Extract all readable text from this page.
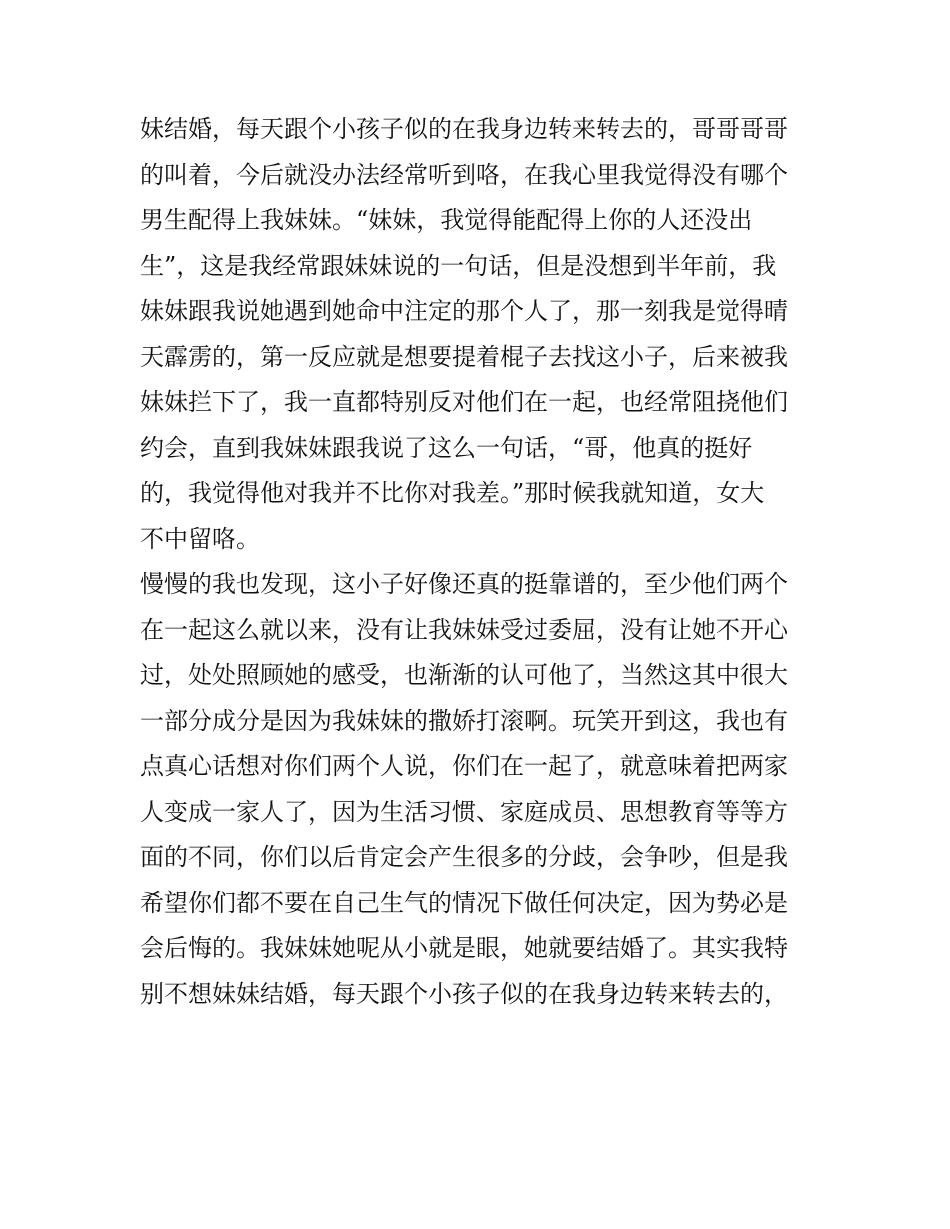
妹结婚，每天跟个小孩子似的在我身边转来转去的，哥哥哥哥
的叫着，今后就没办法经常听到咯，在我心里我觉得没有哪个
男生配得上我妹妹。“妹妹，我觉得能配得上你的人还没出
生”，这是我经常跟妹妹说的一句话，但是没想到半年前，我
妹妹跟我说她遇到她命中注定的那个人了，那一刻我是觉得晴
天霹雳的，第一反应就是想要提着棍子去找这小子，后来被我
妹妹拦下了，我一直都特别反对他们在一起，也经常阻挠他们
约会，直到我妹妹跟我说了这么一句话，“哥，他真的挺好
的，我觉得他对我并不比你对我差。”那时候我就知道，女大
不中留咯。
慢慢的我也发现，这小子好像还真的挺靠谱的，至少他们两个
在一起这么就以来，没有让我妹妹受过委屈，没有让她不开心
过，处处照顾她的感受，也渐渐的认可他了，当然这其中很大
一部分成分是因为我妹妹的撒娇打滚啊。玩笑开到这，我也有
点真心话想对你们两个人说，你们在一起了，就意味着把两家
人变成一家人了，因为生活习惯、家庭成员、思想教育等等方
面的不同，你们以后肯定会产生很多的分歧，会争吵，但是我
希望你们都不要在自己生气的情况下做任何决定，因为势必是
会后悔的。我妹妹她呢从小就是眼，她就要结婚了。其实我特
别不想妹妹结婚，每天跟个小孩子似的在我身边转来转去的，
